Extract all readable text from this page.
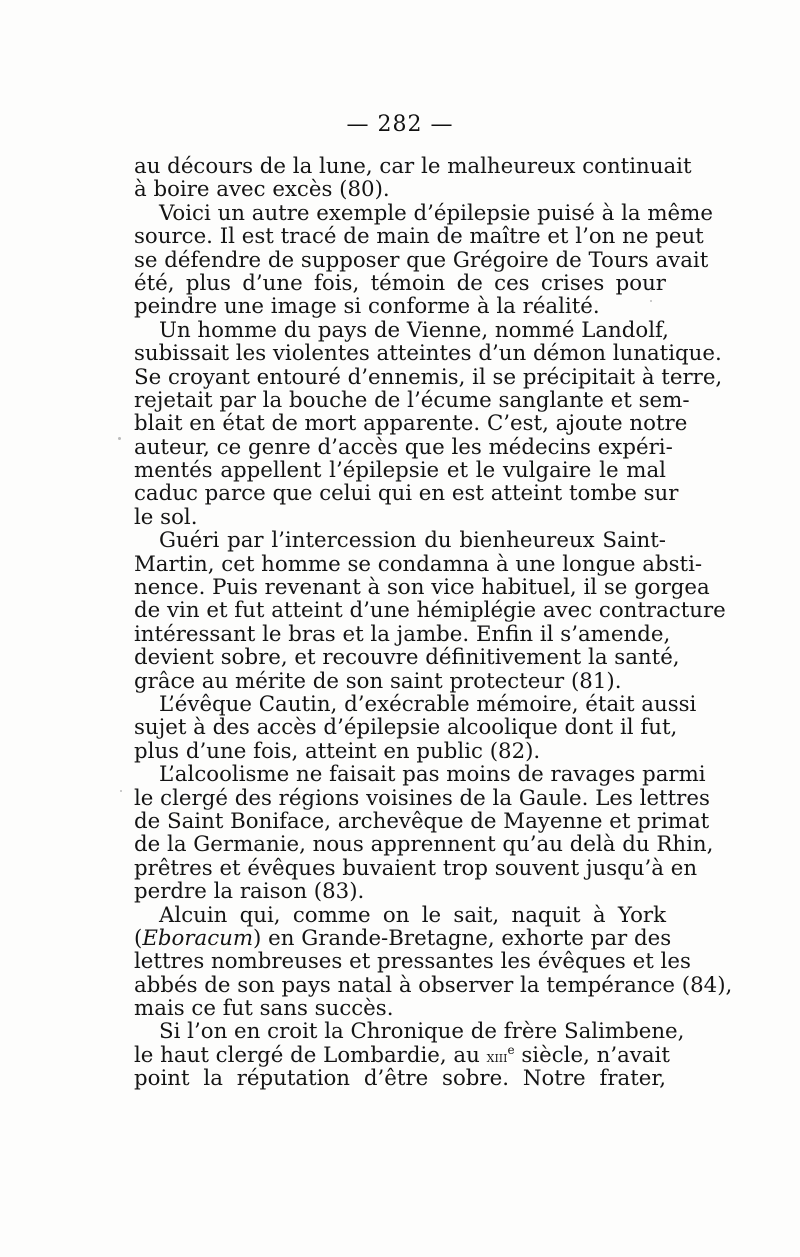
— 282 —
au décours de la lune, car le malheureux continuait
à boire avec excès (80).
Voici un autre exemple d’épilepsie puisé à la même
source. Il est tracé de main de maître et l’on ne peut
se défendre de supposer que Grégoire de Tours avait
été, plus d’une fois, témoin de ces crises pour
peindre une image si conforme à la réalité.
Un homme du pays de Vienne, nommé Landolf,
subissait les violentes atteintes d’un démon lunatique.
Se croyant entouré d’ennemis, il se précipitait à terre,
rejetait par la bouche de l’écume sanglante et sem-
blait en état de mort apparente. C’est, ajoute notre
auteur, ce genre d’accès que les médecins expéri-
mentés appellent l’épilepsie et le vulgaire le mal
caduc parce que celui qui en est atteint tombe sur
le sol.
Guéri par l’intercession du bienheureux Saint-
Martin, cet homme se condamna à une longue absti-
nence. Puis revenant à son vice habituel, il se gorgea
de vin et fut atteint d’une hémiplégie avec contracture
intéressant le bras et la jambe. Enfin il s’amende,
devient sobre, et recouvre définitivement la santé,
grâce au mérite de son saint protecteur (81).
L’évêque Cautin, d’exécrable mémoire, était aussi
sujet à des accès d’épilepsie alcoolique dont il fut,
plus d’une fois, atteint en public (82).
L’alcoolisme ne faisait pas moins de ravages parmi
le clergé des régions voisines de la Gaule. Les lettres
de Saint Boniface, archevêque de Mayenne et primat
de la Germanie, nous apprennent qu’au delà du Rhin,
prêtres et évêques buvaient trop souvent jusqu’à en
perdre la raison (83).
Alcuin qui, comme on le sait, naquit à York
(Eboracum) en Grande-Bretagne, exhorte par des
lettres nombreuses et pressantes les évêques et les
abbés de son pays natal à observer la tempérance (84),
mais ce fut sans succès.
Si l’on en croit la Chronique de frère Salimbene,
le haut clergé de Lombardie, au xiii$^e$ siècle, n’avait
point la réputation d’être sobre. Notre frater,
